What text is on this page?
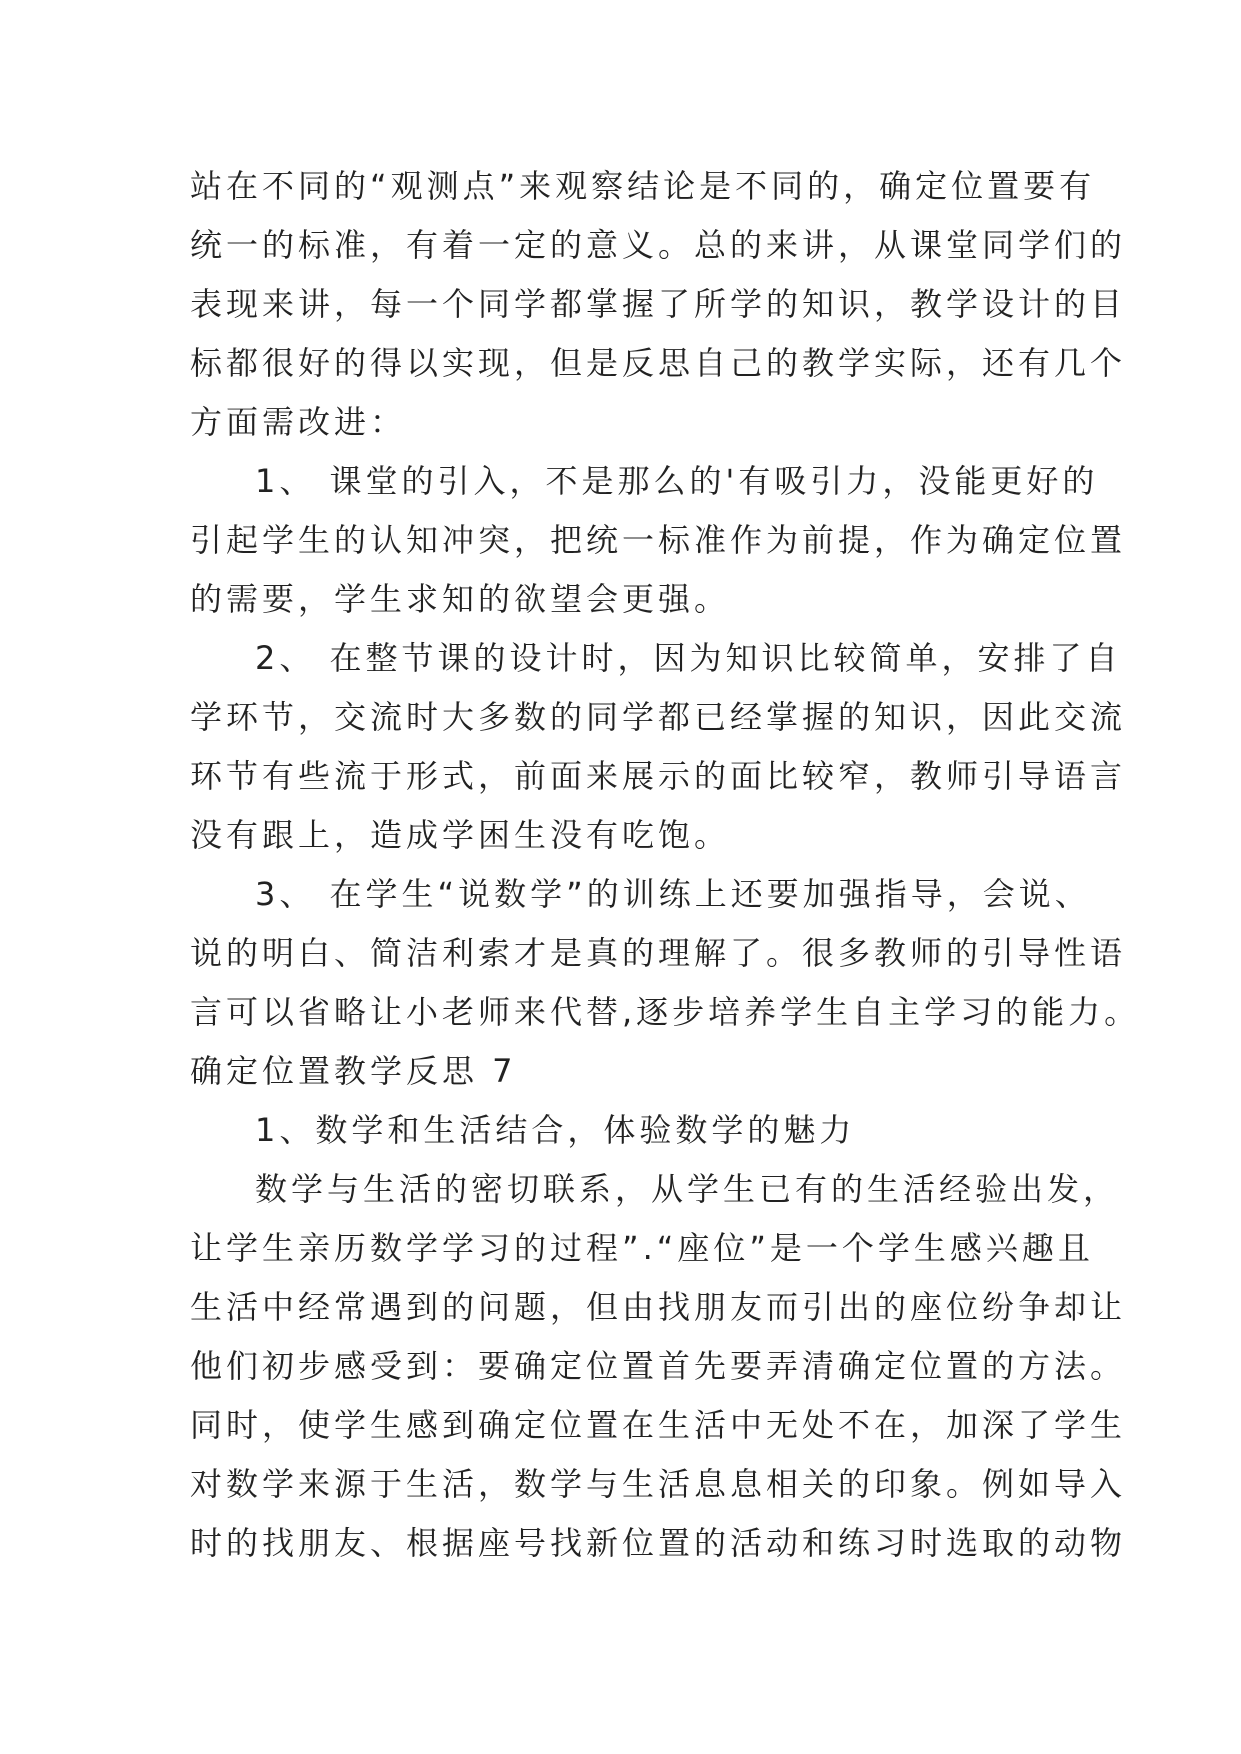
站在不同的“观测点”来观察结论是不同的，确定位置要有
统一的标准，有着一定的意义。总的来讲，从课堂同学们的
表现来讲，每一个同学都掌握了所学的知识，教学设计的目
标都很好的得以实现，但是反思自己的教学实际，还有几个
方面需改进：
1、 课堂的引入，不是那么的'有吸引力，没能更好的
引起学生的认知冲突，把统一标准作为前提，作为确定位置
的需要，学生求知的欲望会更强。
2、 在整节课的设计时，因为知识比较简单，安排了自
学环节，交流时大多数的同学都已经掌握的知识，因此交流
环节有些流于形式，前面来展示的面比较窄，教师引导语言
没有跟上，造成学困生没有吃饱。
3、 在学生“说数学”的训练上还要加强指导，会说、
说的明白、简洁利索才是真的理解了。很多教师的引导性语
言可以省略让小老师来代替,逐步培养学生自主学习的能力。
确定位置教学反思 7
1、数学和生活结合，体验数学的魅力
数学与生活的密切联系，从学生已有的生活经验出发，
让学生亲历数学学习的过程”.“座位”是一个学生感兴趣且
生活中经常遇到的问题，但由找朋友而引出的座位纷争却让
他们初步感受到：要确定位置首先要弄清确定位置的方法。
同时，使学生感到确定位置在生活中无处不在，加深了学生
对数学来源于生活，数学与生活息息相关的印象。例如导入
时的找朋友、根据座号找新位置的活动和练习时选取的动物
